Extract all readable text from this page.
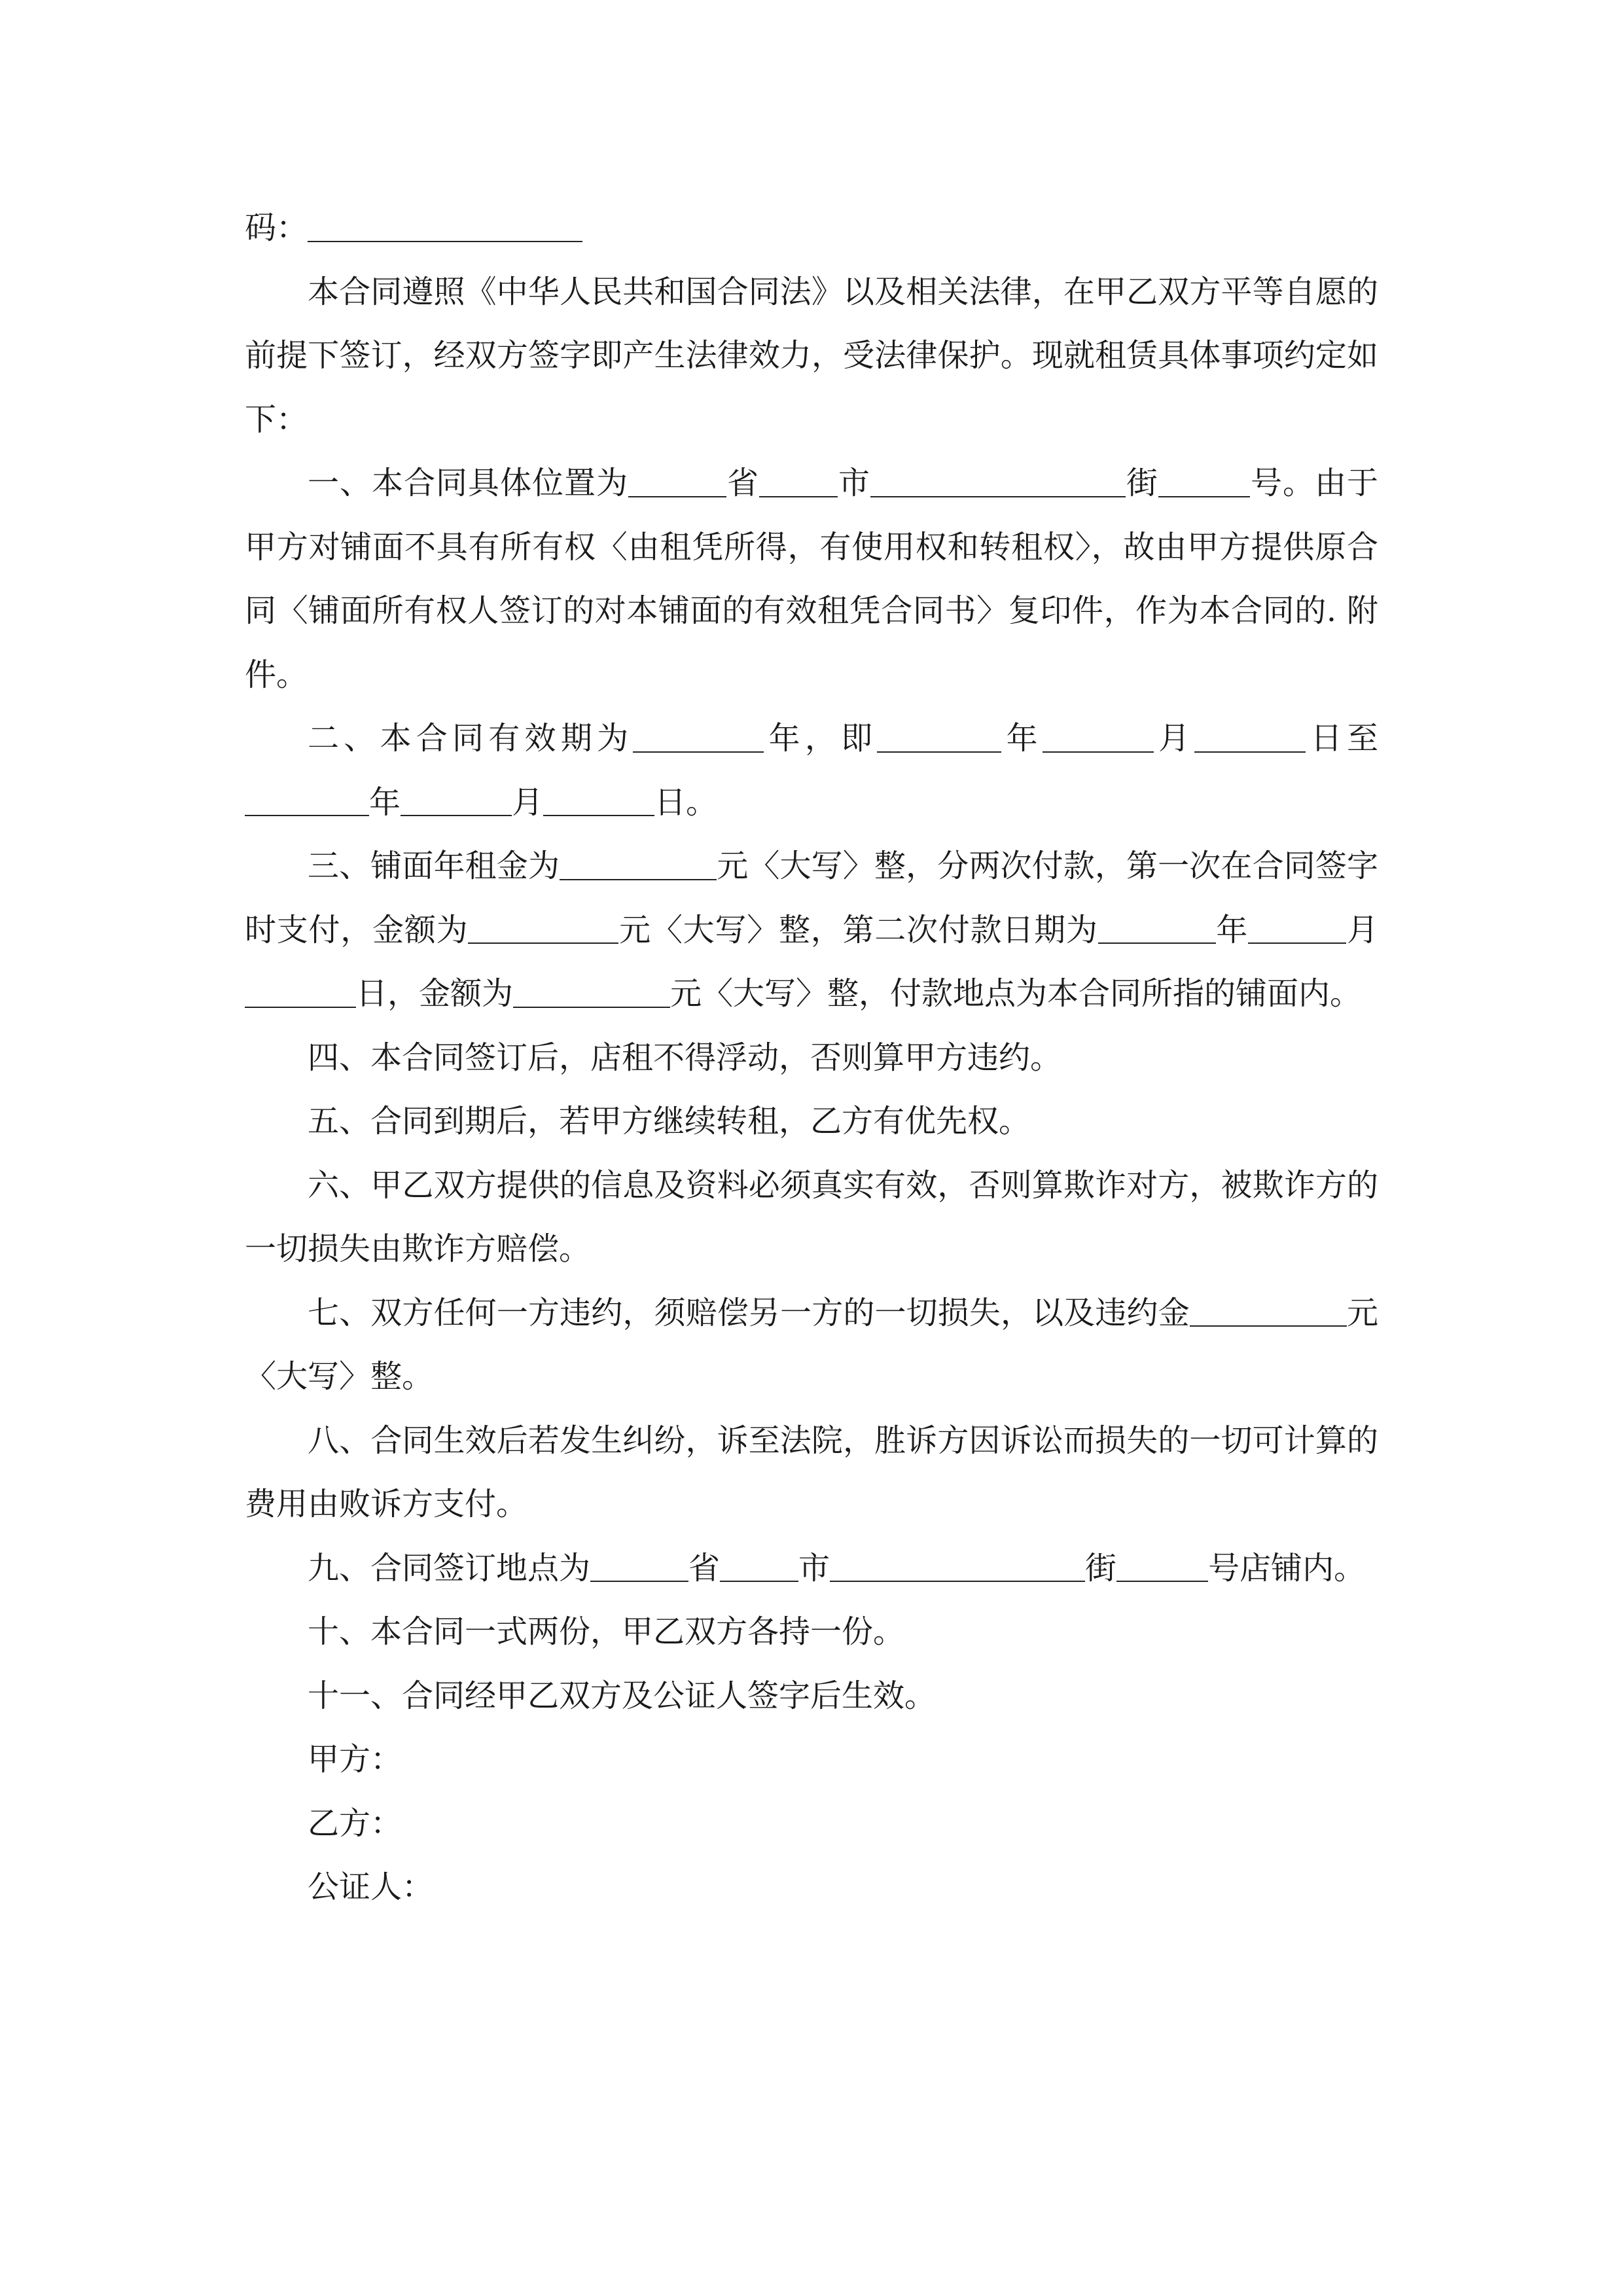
码：

本合同遵照《中华人民共和国合同法》以及相关法律，在甲乙双方平等自愿的前提下签订，经双方签字即产生法律效力，受法律保护。现就租赁具体事项约定如下：

一、本合同具体位置为	省	市	街	号。由于甲方对铺面不具有所有权〈由租凭所得，有使用权和转租权〉，故由甲方提供原合同〈铺面所有权人签订的对本铺面的有效租凭合同书〉复印件，作为本合同的. 附件。

二、本合同有效期为	年，即	年	月	日至年	月	日。

三、铺面年租金为	元〈大写〉整，分两次付款，第一次在合同签字时支付，金额为	元〈大写〉整，第二次付款日期为	年	月日，金额为	元〈大写〉整，付款地点为本合同所指的铺面内。

四、本合同签订后，店租不得浮动，否则算甲方违约。

五、合同到期后，若甲方继续转租，乙方有优先权。

六、甲乙双方提供的信息及资料必须真实有效，否则算欺诈对方，被欺诈方的一切损失由欺诈方赔偿。

七、双方任何一方违约，须赔偿另一方的一切损失，以及违约金	元〈大写〉整。

八、合同生效后若发生纠纷，诉至法院，胜诉方因诉讼而损失的一切可计算的费用由败诉方支付。

九、合同签订地点为	省	市	街	号店铺内。

十、本合同一式两份，甲乙双方各持一份。

十一、合同经甲乙双方及公证人签字后生效。

甲方：

乙方：

公证人：
